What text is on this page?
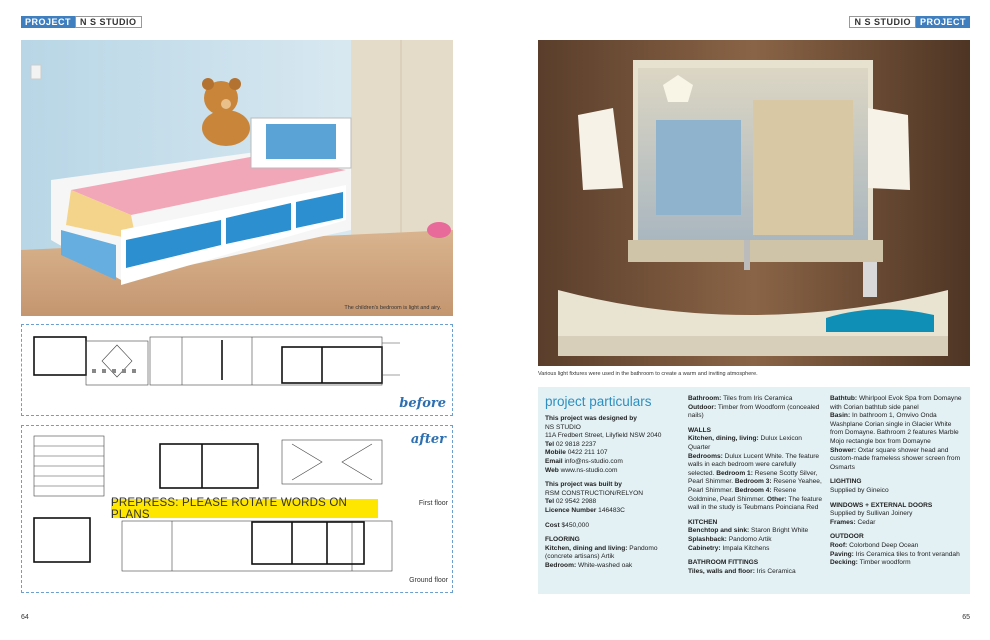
PROJECT	N S STUDIO	N S STUDIO	PROJECT
The children's bedroom is light and airy.
before
after
First floor
Ground floor
PREPRESS: PLEASE ROTATE WORDS ON PLANS
Various light fixtures were used in the bathroom to create a warm and inviting atmosphere.
project particulars
This project was designed by
NS STUDIO
11A Fredbert Street, Lilyfield NSW 2040
Tel 02 9818 2237
Mobile 0422 211 107
Email info@ns-studio.com
Web www.ns-studio.com
This project was built by
RSM CONSTRUCTION/RELYON
Tel 02 9542 2988
Licence Number 146483C
Cost $450,000
FLOORING
Kitchen, dining and living: Pandomo (concrete artisans) Artik
Bedroom: White-washed oak
Bathroom: Tiles from Iris Ceramica
Outdoor: Timber from Woodform (concealed nails)
WALLS
Kitchen, dining, living: Dulux Lexicon Quarter
Bedrooms: Dulux Lucent White. The feature walls in each bedroom were carefully selected. Bedroom 1: Resene Scotty Silver, Pearl Shimmer. Bedroom 3: Resene Yeahee, Pearl Shimmer. Bedroom 4: Resene Goldmine, Pearl Shimmer. Other: The feature wall in the study is Teubmans Poinciana Red
KITCHEN
Benchtop and sink: Staron Bright White
Splashback: Pandomo Artik
Cabinetry: Impala Kitchens
BATHROOM FITTINGS
Tiles, walls and floor: Iris Ceramica
Bathtub: Whirlpool Evok Spa from Domayne with Corian bathtub side panel
Basin: In bathroom 1, Omvivo Onda Washplane Corian single in Glacier White from Domayne. Bathroom 2 features Marble Mojo rectangle box from Domayne
Shower: Oxtar square shower head and custom-made frameless shower screen from Osmarts
LIGHTING
Supplied by Gineico
WINDOWS + EXTERNAL DOORS
Supplied by Sullivan Joinery
Frames: Cedar
OUTDOOR
Roof: Colorbond Deep Ocean
Paving: Iris Ceramica tiles to front verandah
Decking: Timber woodform
64	65
